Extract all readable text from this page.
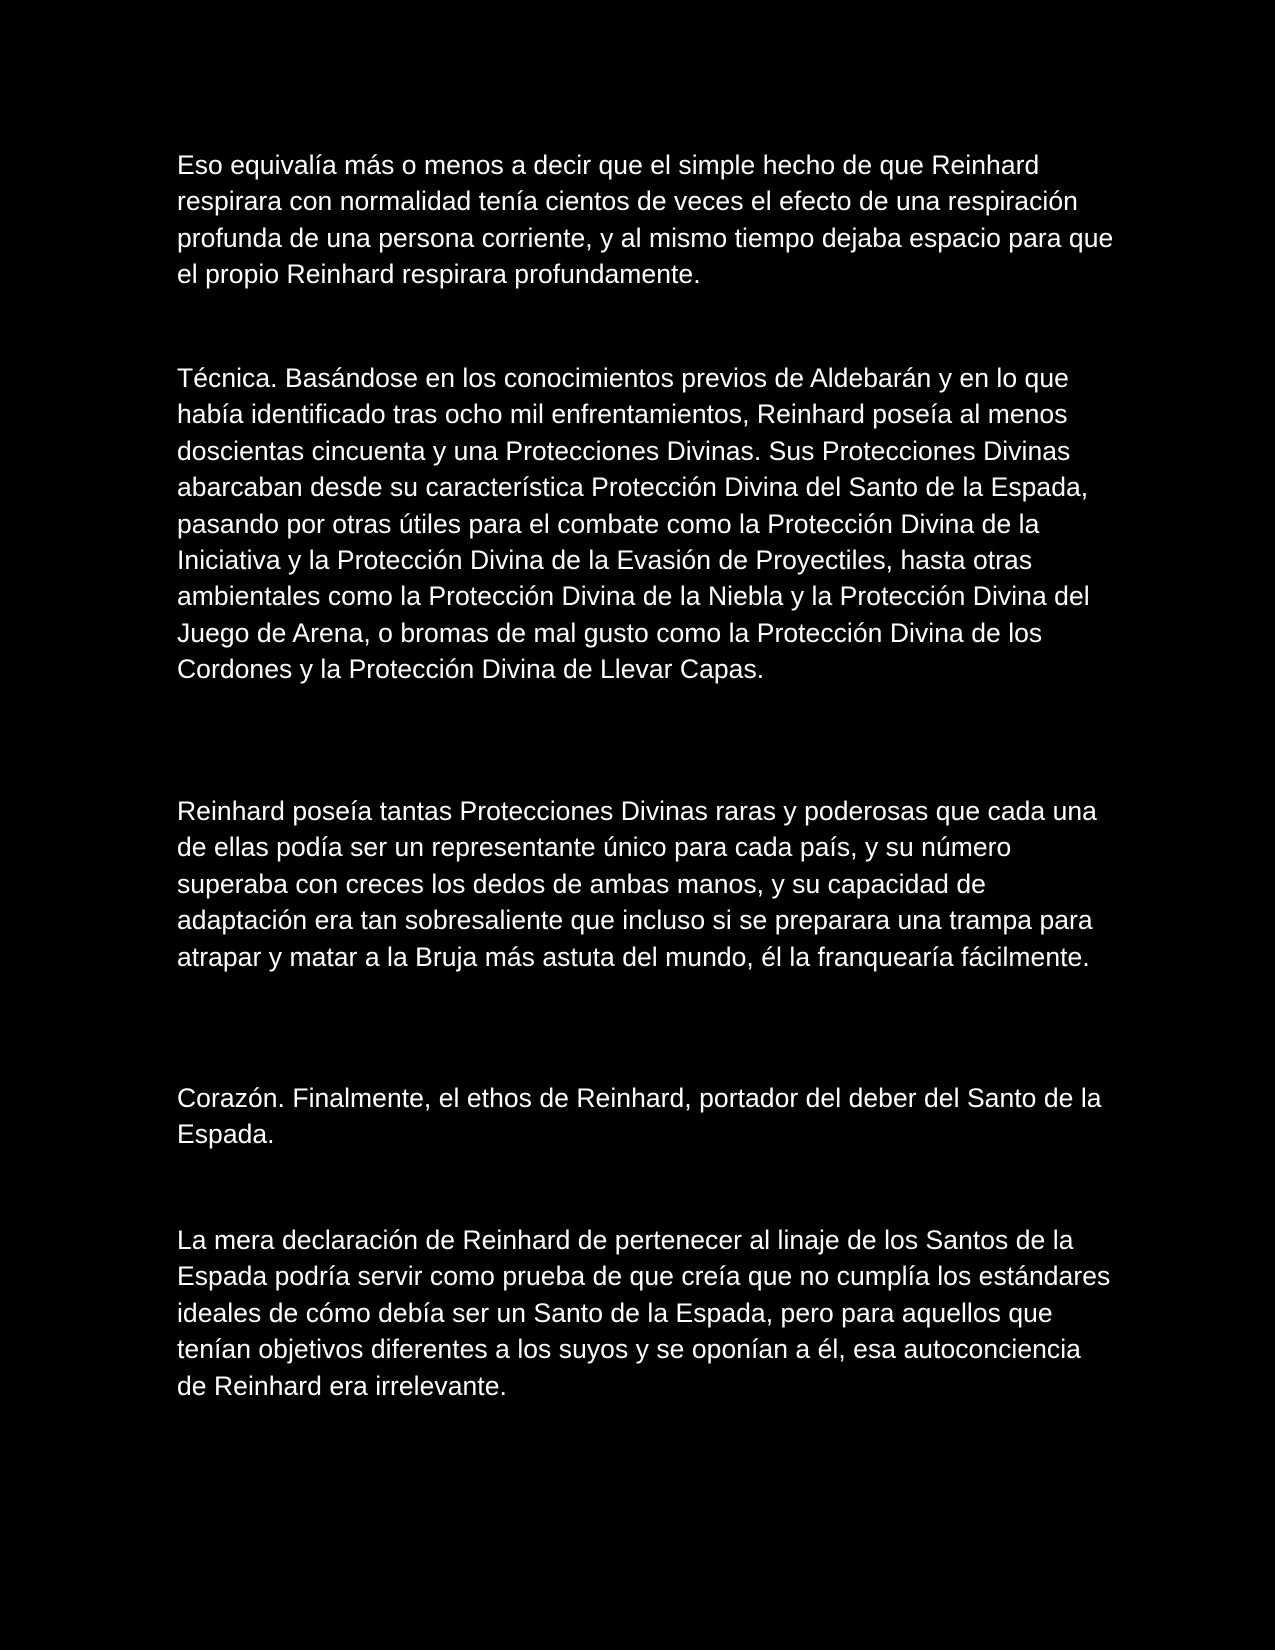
Eso equivalía más o menos a decir que el simple hecho de que Reinhard respirara con normalidad tenía cientos de veces el efecto de una respiración profunda de una persona corriente, y al mismo tiempo dejaba espacio para que el propio Reinhard respirara profundamente.

Técnica. Basándose en los conocimientos previos de Aldebarán y en lo que había identificado tras ocho mil enfrentamientos, Reinhard poseía al menos doscientas cincuenta y una Protecciones Divinas. Sus Protecciones Divinas abarcaban desde su característica Protección Divina del Santo de la Espada, pasando por otras útiles para el combate como la Protección Divina de la Iniciativa y la Protección Divina de la Evasión de Proyectiles, hasta otras ambientales como la Protección Divina de la Niebla y la Protección Divina del Juego de Arena, o bromas de mal gusto como la Protección Divina de los Cordones y la Protección Divina de Llevar Capas.

Reinhard poseía tantas Protecciones Divinas raras y poderosas que cada una de ellas podía ser un representante único para cada país, y su número superaba con creces los dedos de ambas manos, y su capacidad de adaptación era tan sobresaliente que incluso si se preparara una trampa para atrapar y matar a la Bruja más astuta del mundo, él la franquearía fácilmente.

Corazón. Finalmente, el ethos de Reinhard, portador del deber del Santo de la Espada.

La mera declaración de Reinhard de pertenecer al linaje de los Santos de la Espada podría servir como prueba de que creía que no cumplía los estándares ideales de cómo debía ser un Santo de la Espada, pero para aquellos que tenían objetivos diferentes a los suyos y se oponían a él, esa autoconciencia de Reinhard era irrelevante.
